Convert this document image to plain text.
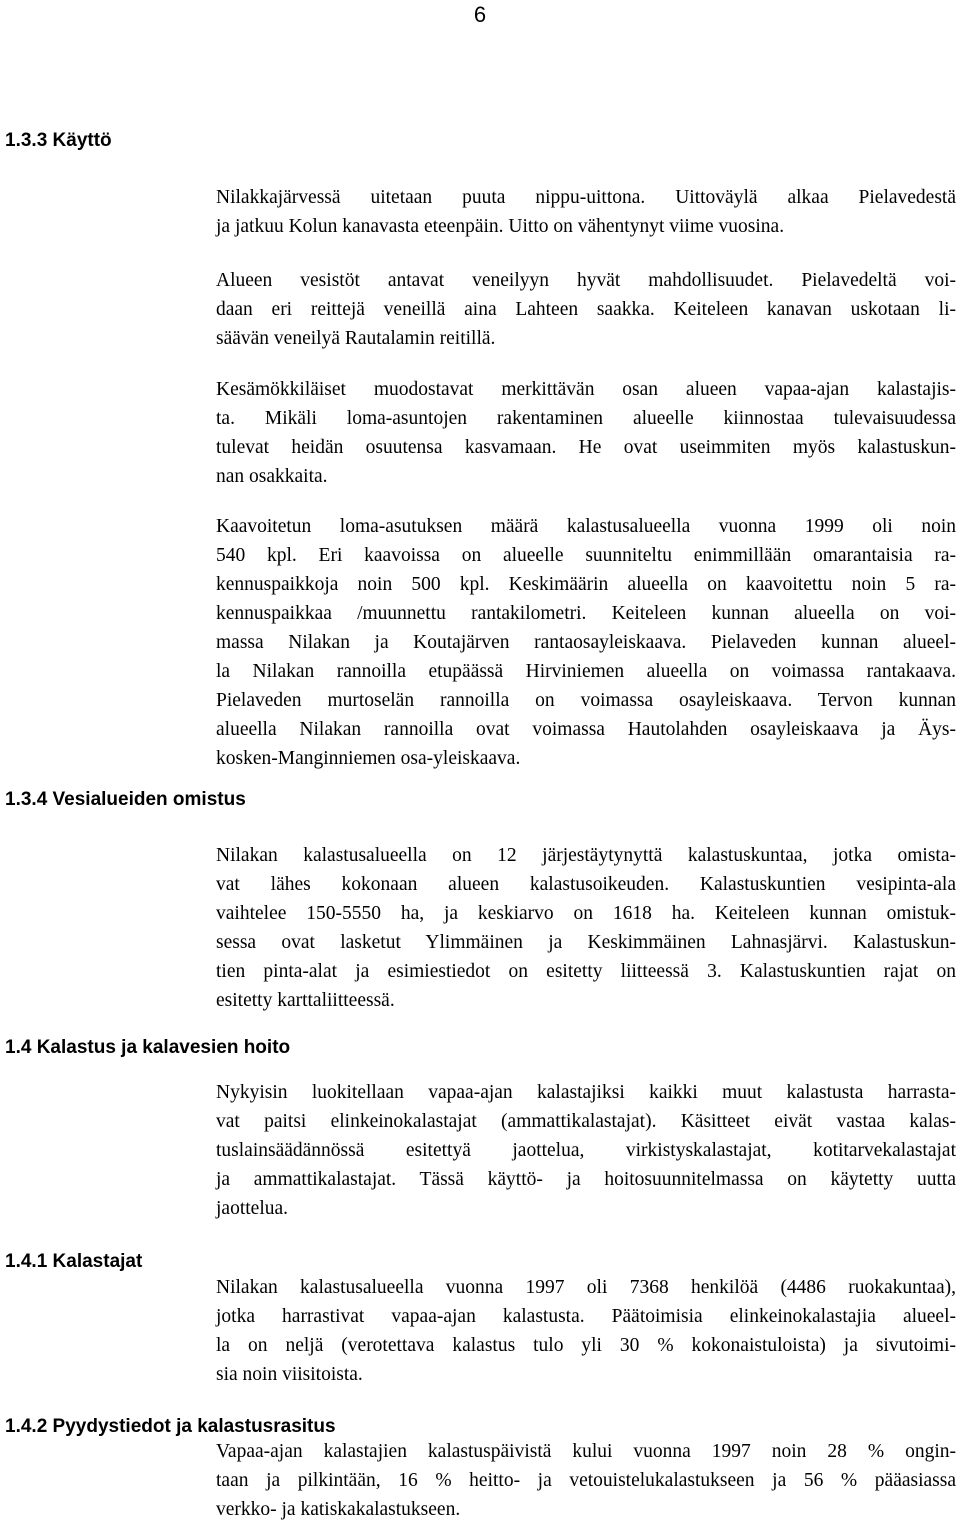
6
1.3.3 Käyttö
1.3.4 Vesialueiden omistus
1.4 Kalastus ja kalavesien hoito
1.4.1 Kalastajat
1.4.2 Pyydystiedot ja kalastusrasitus
Nilakkajärvessä uitetaan puuta nippu-uittona. Uittoväylä alkaa Pielavedestä
ja jatkuu Kolun kanavasta eteenpäin. Uitto on vähentynyt viime vuosina.
Alueen vesistöt antavat veneilyyn hyvät mahdollisuudet. Pielavedeltä voi-
daan eri reittejä veneillä aina Lahteen saakka. Keiteleen kanavan uskotaan li-
säävän veneilyä Rautalamin reitillä.
Kesämökkiläiset muodostavat merkittävän osan alueen vapaa-ajan kalastajis-
ta. Mikäli loma-asuntojen rakentaminen alueelle kiinnostaa tulevaisuudessa
tulevat heidän osuutensa kasvamaan. He ovat useimmiten myös kalastuskun-
nan osakkaita.
Kaavoitetun loma-asutuksen määrä kalastusalueella vuonna 1999 oli noin
540 kpl. Eri kaavoissa on alueelle suunniteltu enimmillään omarantaisia ra-
kennuspaikkoja noin 500 kpl. Keskimäärin alueella on kaavoitettu noin 5 ra-
kennuspaikkaa /muunnettu rantakilometri. Keiteleen kunnan alueella on voi-
massa Nilakan ja Koutajärven rantaosayleiskaava. Pielaveden kunnan alueel-
la Nilakan rannoilla etupäässä Hirviniemen alueella on voimassa rantakaava.
Pielaveden murtoselän rannoilla on voimassa osayleiskaava. Tervon kunnan
alueella Nilakan rannoilla ovat voimassa Hautolahden osayleiskaava ja Äys-
kosken-Manginniemen osa-yleiskaava.
Nilakan kalastusalueella on 12 järjestäytynyttä kalastuskuntaa, jotka omista-
vat lähes kokonaan alueen kalastusoikeuden. Kalastuskuntien vesipinta-ala
vaihtelee 150-5550 ha, ja keskiarvo on 1618 ha. Keiteleen kunnan omistuk-
sessa ovat lasketut Ylimmäinen ja Keskimmäinen Lahnasjärvi. Kalastuskun-
tien pinta-alat ja esimiestiedot on esitetty liitteessä 3. Kalastuskuntien rajat on
esitetty karttaliitteessä.
Nykyisin luokitellaan vapaa-ajan kalastajiksi kaikki muut kalastusta harrasta-
vat paitsi elinkeinokalastajat (ammattikalastajat). Käsitteet eivät vastaa kalas-
tuslainsäädännössä esitettyä jaottelua, virkistyskalastajat, kotitarvekalastajat
ja ammattikalastajat. Tässä käyttö- ja hoitosuunnitelmassa on käytetty uutta
jaottelua.
Nilakan kalastusalueella vuonna 1997 oli 7368 henkilöä (4486 ruokakuntaa),
jotka harrastivat vapaa-ajan kalastusta. Päätoimisia elinkeinokalastajia alueel-
la on neljä (verotettava kalastus tulo yli 30 % kokonaistuloista) ja sivutoimi-
sia noin viisitoista.
Vapaa-ajan kalastajien kalastuspäivistä kului vuonna 1997 noin 28 % ongin-
taan ja pilkintään, 16 % heitto- ja vetouistelukalastukseen ja 56 % pääasiassa
verkko- ja katiskakalastukseen.
